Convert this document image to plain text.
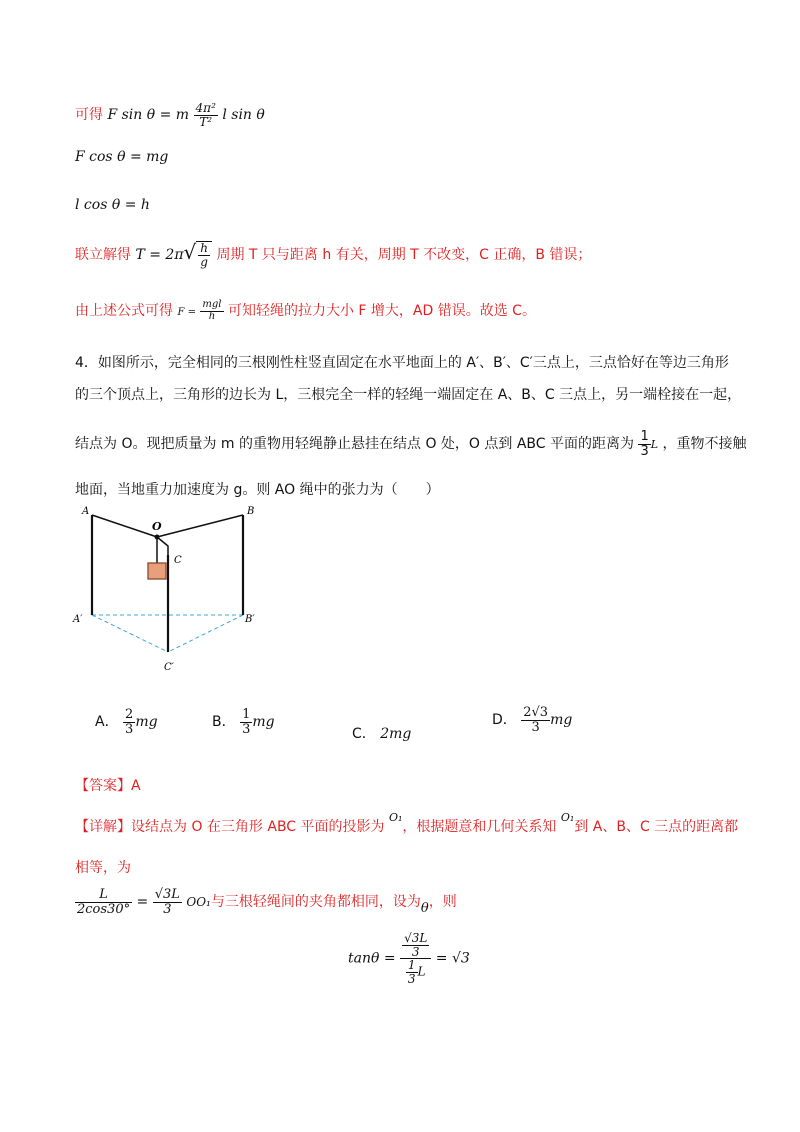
可得 F sin θ = m $\frac{\text{4π²}}{\text{T²}}$ l sin θ
F cos θ = mg
l cos θ = h
联立解得 $T = 2\pi√ \frac{h}{g}$ 周期 T 只与距离 h 有关，周期 T 不改变，C 正确，B 错误；
由上述公式可得 $F = \frac{\text{mgl}}{h}$ 可知轻绳的拉力大小 F 增大，AD 错误。故选 C。
4．如图所示，完全相同的三根刚性柱竖直固定在水平地面上的 A′、B′、C′三点上，三点恰好在等边三角形
的三个顶点上，三角形的边长为 L，三根完全一样的轻绳一端固定在 A、B、C 三点上，另一端栓接在一起，
结点为 O。现把质量为 m 的重物用轻绳静止悬挂在结点 O 处，O 点到 ABC 平面的距离为 $\frac{1}{3}$ L ，重物不接触
地面，当地重力加速度为 g。则 AO 绳中的张力为（　　）
A	B
O
C
A′	B′
C′
A． $\frac{2}{3}$ mg	B． $\frac{1}{3}$ mg
C． 2mg
D． $\frac{2√3}{3}$ mg
【答案】A
【详解】设结点为 O 在三角形 ABC 平面的投影为 $^{O_1}$，根据题意和几何关系知 $^{O_1}$到 A、B、C 三点的距离都
相等，为
$\frac{L}{2\cos 30^\circ} = \frac{√3L}{3} OO_1$与三根轻绳间的夹角都相同，设为θ，则
$\tan\theta = \frac{\frac{√3L}{3}}{\frac{1}{3} L} = √3$
